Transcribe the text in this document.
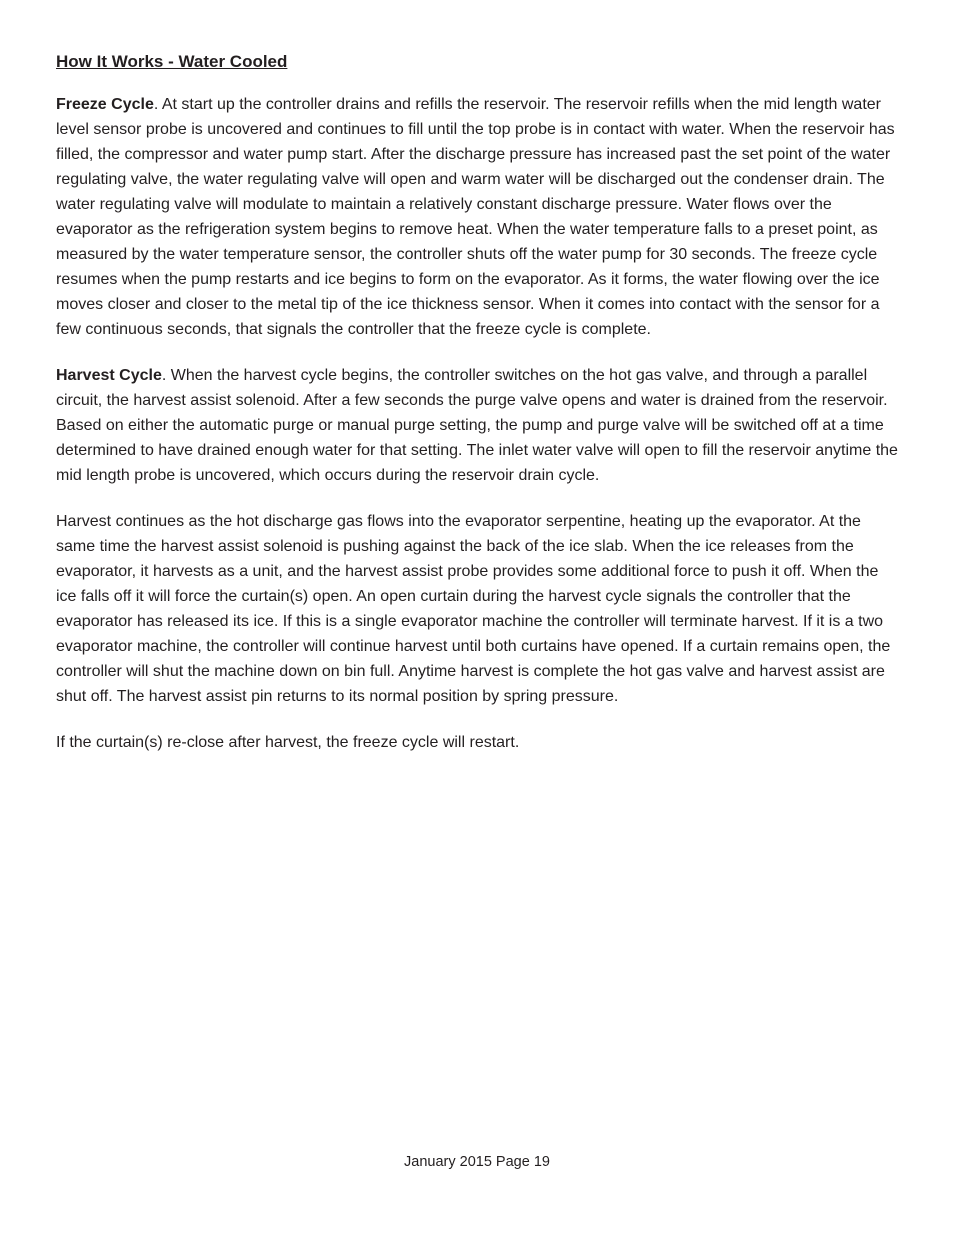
How It Works - Water Cooled

Freeze Cycle. At start up the controller drains and refills the reservoir. The reservoir refills when the mid length water level sensor probe is uncovered and continues to fill until the top probe is in contact with water. When the reservoir has filled, the compressor and water pump start. After the discharge pressure has increased past the set point of the water regulating valve, the water regulating valve will open and warm water will be discharged out the condenser drain. The water regulating valve will modulate to maintain a relatively constant discharge pressure. Water flows over the evaporator as the refrigeration system begins to remove heat. When the water temperature falls to a preset point, as measured by the water temperature sensor, the controller shuts off the water pump for 30 seconds. The freeze cycle resumes when the pump restarts and ice begins to form on the evaporator. As it forms, the water flowing over the ice moves closer and closer to the metal tip of the ice thickness sensor. When it comes into contact with the sensor for a few continuous seconds, that signals the controller that the freeze cycle is complete.

Harvest Cycle. When the harvest cycle begins, the controller switches on the hot gas valve, and through a parallel circuit, the harvest assist solenoid. After a few seconds the purge valve opens and water is drained from the reservoir. Based on either the automatic purge or manual purge setting, the pump and purge valve will be switched off at a time determined to have drained enough water for that setting. The inlet water valve will open to fill the reservoir anytime the mid length probe is uncovered, which occurs during the reservoir drain cycle.

Harvest continues as the hot discharge gas flows into the evaporator serpentine, heating up the evaporator. At the same time the harvest assist solenoid is pushing against the back of the ice slab. When the ice releases from the evaporator, it harvests as a unit, and the harvest assist probe provides some additional force to push it off. When the ice falls off it will force the curtain(s) open. An open curtain during the harvest cycle signals the controller that the evaporator has released its ice. If this is a single evaporator machine the controller will terminate harvest. If it is a two evaporator machine, the controller will continue harvest until both curtains have opened. If a curtain remains open, the controller will shut the machine down on bin full. Anytime harvest is complete the hot gas valve and harvest assist are shut off. The harvest assist pin returns to its normal position by spring pressure.

If the curtain(s) re-close after harvest, the freeze cycle will restart.

January 2015 Page 19
